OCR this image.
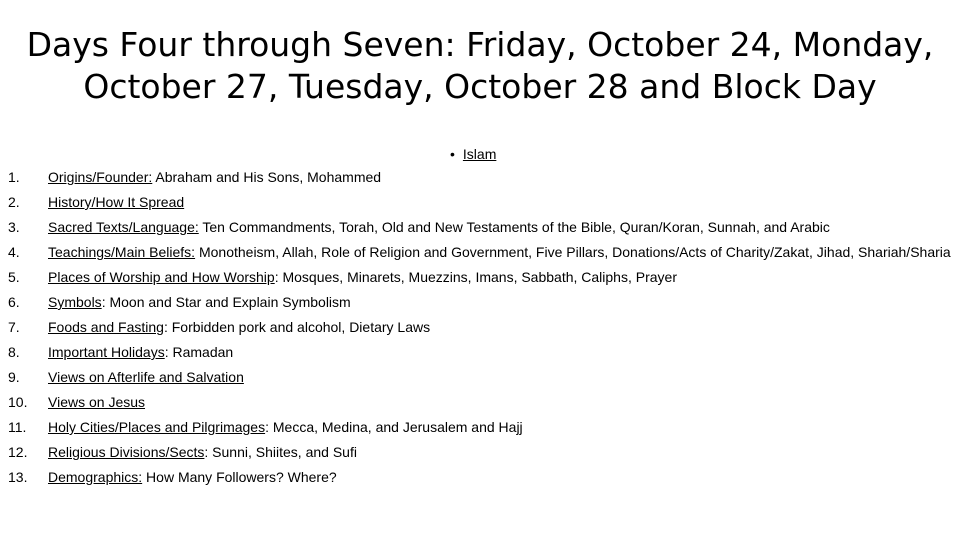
Days Four through Seven: Friday, October 24, Monday, October 27, Tuesday, October 28 and Block Day
• Islam
1.	Origins/Founder: Abraham and His Sons, Mohammed
2.	History/How It Spread
3.	Sacred Texts/Language: Ten Commandments, Torah, Old and New Testaments of the Bible, Quran/Koran, Sunnah, and Arabic
4.	Teachings/Main Beliefs: Monotheism, Allah, Role of Religion and Government, Five Pillars, Donations/Acts of Charity/Zakat, Jihad, Shariah/Sharia
5.	Places of Worship and How Worship: Mosques, Minarets, Muezzins, Imans, Sabbath, Caliphs, Prayer
6.	Symbols: Moon and Star and Explain Symbolism
7.	Foods and Fasting: Forbidden pork and alcohol, Dietary Laws
8.	Important Holidays: Ramadan
9.	Views on Afterlife and Salvation
10.	Views on Jesus
11.	Holy Cities/Places and Pilgrimages: Mecca, Medina, and Jerusalem and Hajj
12.	Religious Divisions/Sects: Sunni, Shiites, and Sufi
13.	Demographics: How Many Followers? Where?
